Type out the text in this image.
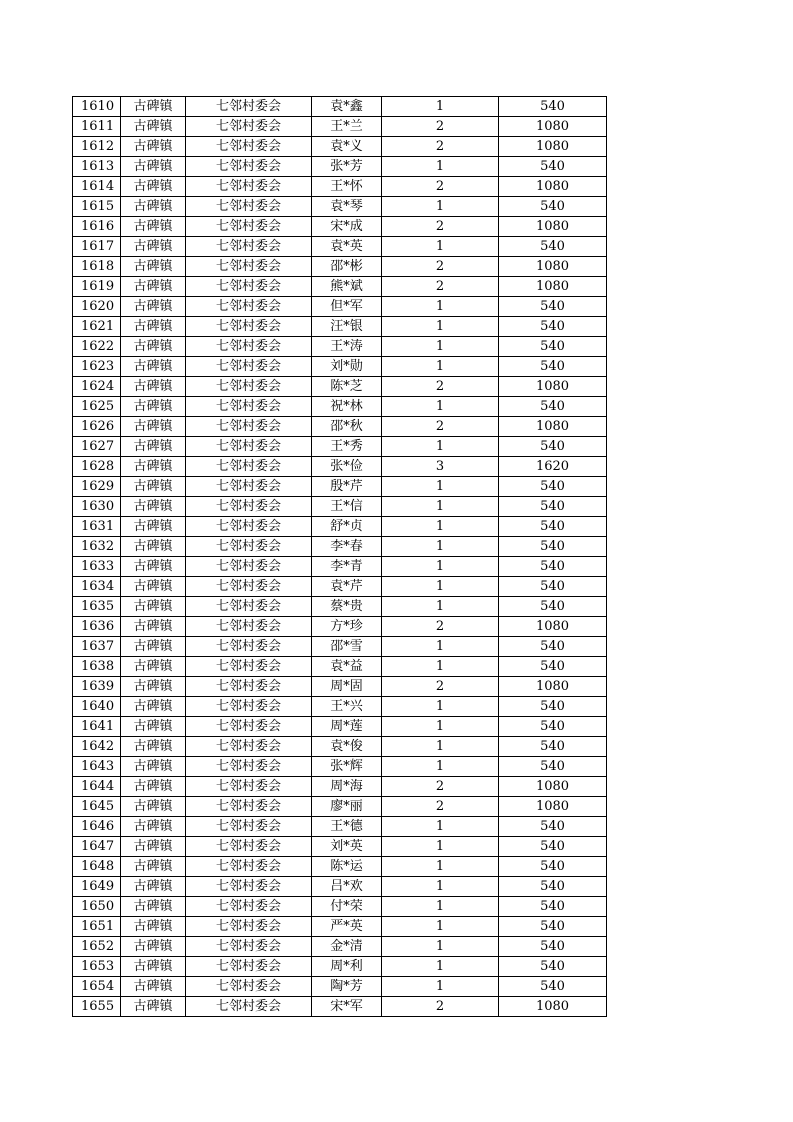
1610	古碑镇	七邻村委会	袁*鑫	1	540
1611	古碑镇	七邻村委会	王*兰	2	1080
1612	古碑镇	七邻村委会	袁*义	2	1080
1613	古碑镇	七邻村委会	张*芳	1	540
1614	古碑镇	七邻村委会	王*怀	2	1080
1615	古碑镇	七邻村委会	袁*琴	1	540
1616	古碑镇	七邻村委会	宋*成	2	1080
1617	古碑镇	七邻村委会	袁*英	1	540
1618	古碑镇	七邻村委会	邵*彬	2	1080
1619	古碑镇	七邻村委会	熊*斌	2	1080
1620	古碑镇	七邻村委会	但*军	1	540
1621	古碑镇	七邻村委会	汪*银	1	540
1622	古碑镇	七邻村委会	王*涛	1	540
1623	古碑镇	七邻村委会	刘*勋	1	540
1624	古碑镇	七邻村委会	陈*芝	2	1080
1625	古碑镇	七邻村委会	祝*林	1	540
1626	古碑镇	七邻村委会	邵*秋	2	1080
1627	古碑镇	七邻村委会	王*秀	1	540
1628	古碑镇	七邻村委会	张*俭	3	1620
1629	古碑镇	七邻村委会	殷*芹	1	540
1630	古碑镇	七邻村委会	王*信	1	540
1631	古碑镇	七邻村委会	舒*贞	1	540
1632	古碑镇	七邻村委会	李*春	1	540
1633	古碑镇	七邻村委会	李*青	1	540
1634	古碑镇	七邻村委会	袁*芹	1	540
1635	古碑镇	七邻村委会	蔡*贵	1	540
1636	古碑镇	七邻村委会	方*珍	2	1080
1637	古碑镇	七邻村委会	邵*雪	1	540
1638	古碑镇	七邻村委会	袁*益	1	540
1639	古碑镇	七邻村委会	周*固	2	1080
1640	古碑镇	七邻村委会	王*兴	1	540
1641	古碑镇	七邻村委会	周*莲	1	540
1642	古碑镇	七邻村委会	袁*俊	1	540
1643	古碑镇	七邻村委会	张*辉	1	540
1644	古碑镇	七邻村委会	周*海	2	1080
1645	古碑镇	七邻村委会	廖*丽	2	1080
1646	古碑镇	七邻村委会	王*德	1	540
1647	古碑镇	七邻村委会	刘*英	1	540
1648	古碑镇	七邻村委会	陈*运	1	540
1649	古碑镇	七邻村委会	吕*欢	1	540
1650	古碑镇	七邻村委会	付*荣	1	540
1651	古碑镇	七邻村委会	严*英	1	540
1652	古碑镇	七邻村委会	金*清	1	540
1653	古碑镇	七邻村委会	周*利	1	540
1654	古碑镇	七邻村委会	陶*芳	1	540
1655	古碑镇	七邻村委会	宋*军	2	1080
